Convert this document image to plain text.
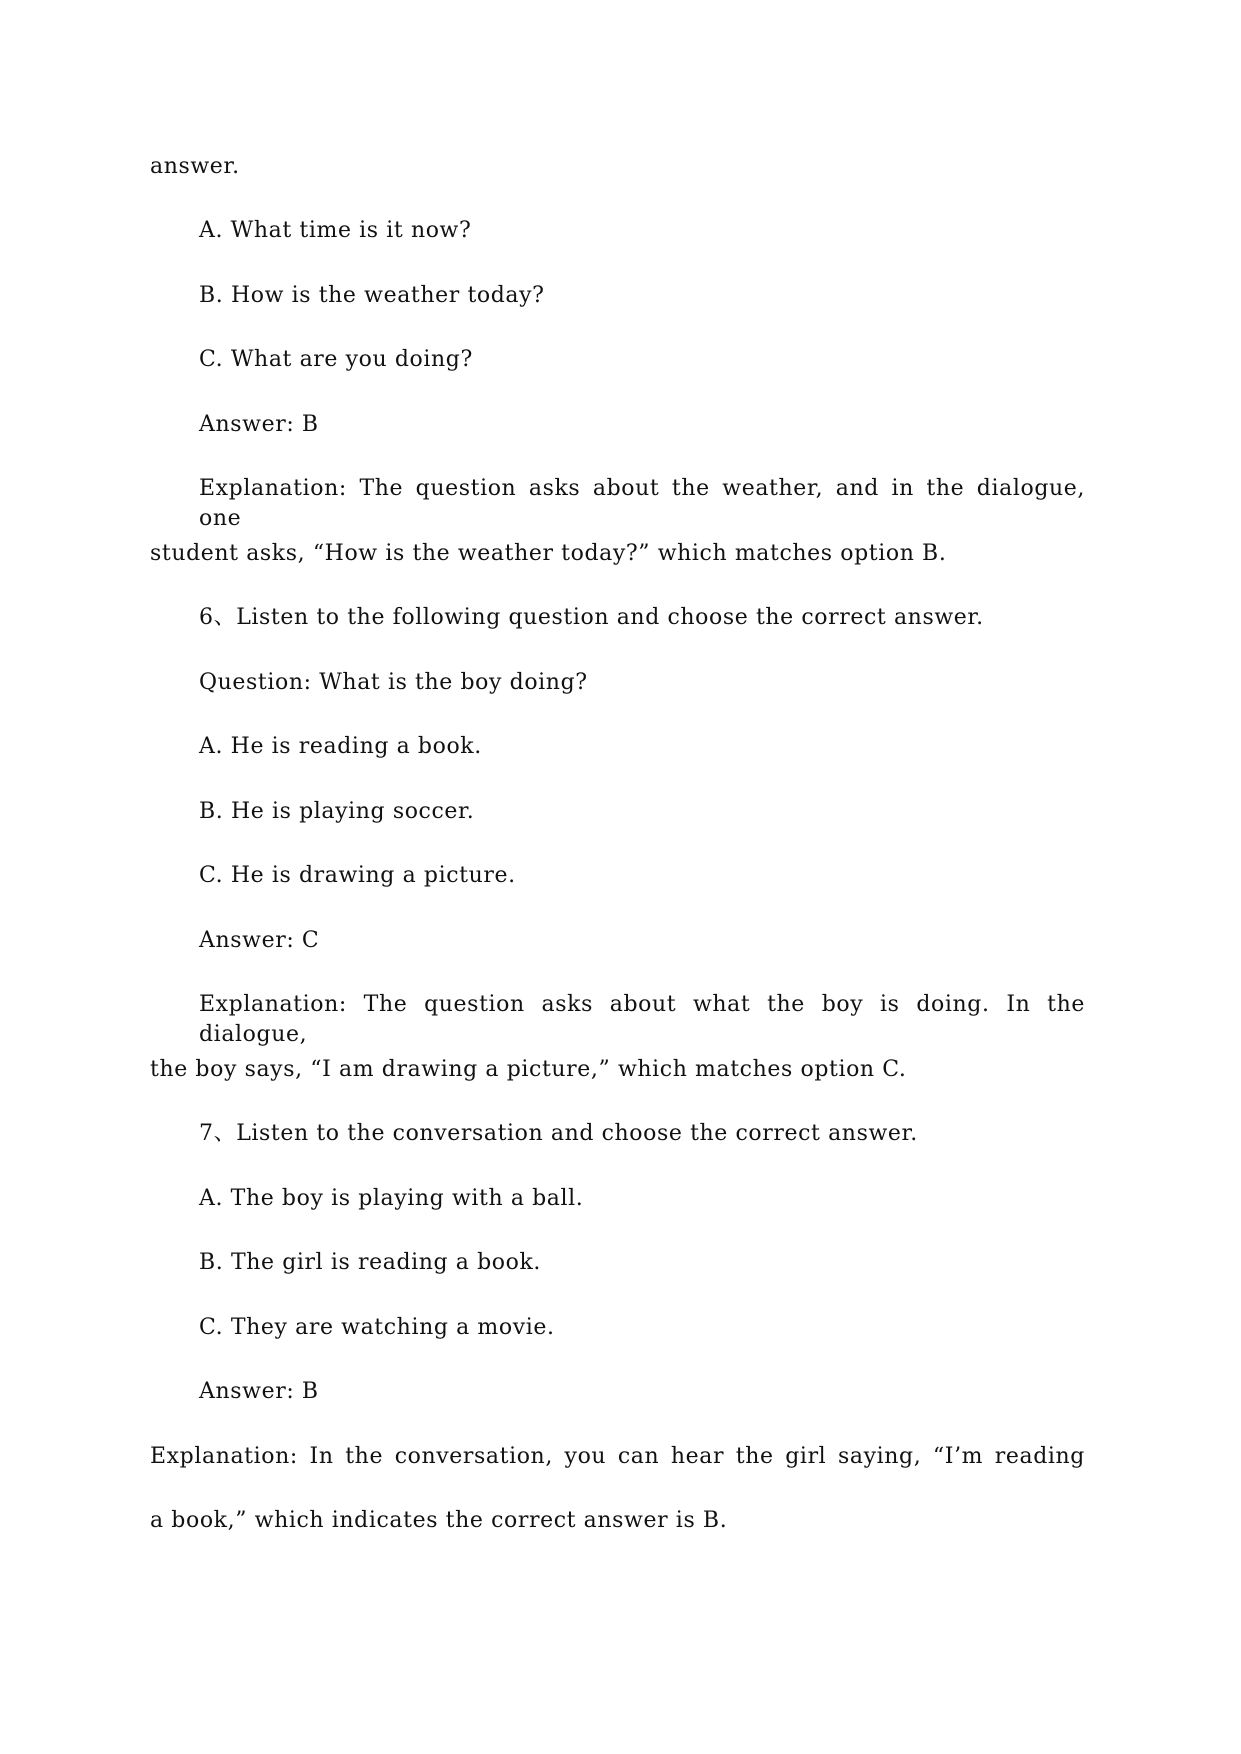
answer.
A. What time is it now?
B. How is the weather today?
C. What are you doing?
Answer: B
Explanation: The question asks about the weather, and in the dialogue, one
student asks, “How is the weather today?” which matches option B.
6、Listen to the following question and choose the correct answer.
Question: What is the boy doing?
A. He is reading a book.
B. He is playing soccer.
C. He is drawing a picture.
Answer: C
Explanation: The question asks about what the boy is doing. In the dialogue,
the boy says, “I am drawing a picture,” which matches option C.
7、Listen to the conversation and choose the correct answer.
A. The boy is playing with a ball.
B. The girl is reading a book.
C. They are watching a movie.
Answer: B
Explanation: In the conversation, you can hear the girl saying, “I’m reading
a book,” which indicates the correct answer is B.
